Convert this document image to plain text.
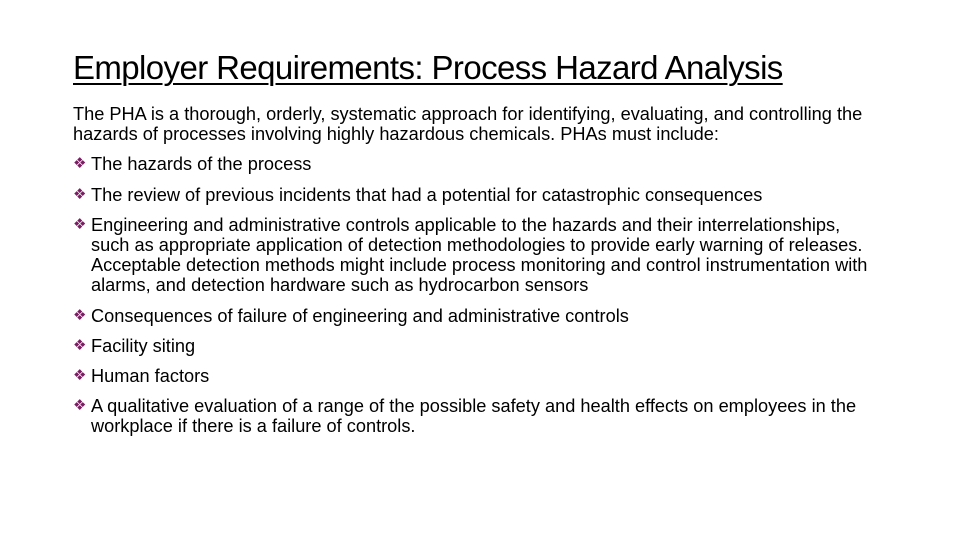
Employer Requirements: Process Hazard Analysis

The PHA is a thorough, orderly, systematic approach for identifying, evaluating, and controlling the hazards of processes involving highly hazardous chemicals. PHAs must include:

❖ The hazards of the process
❖ The review of previous incidents that had a potential for catastrophic consequences
❖ Engineering and administrative controls applicable to the hazards and their interrelationships, such as appropriate application of detection methodologies to provide early warning of releases. Acceptable detection methods might include process monitoring and control instrumentation with alarms, and detection hardware such as hydrocarbon sensors
❖ Consequences of failure of engineering and administrative controls
❖ Facility siting
❖ Human factors
❖ A qualitative evaluation of a range of the possible safety and health effects on employees in the workplace if there is a failure of controls.
